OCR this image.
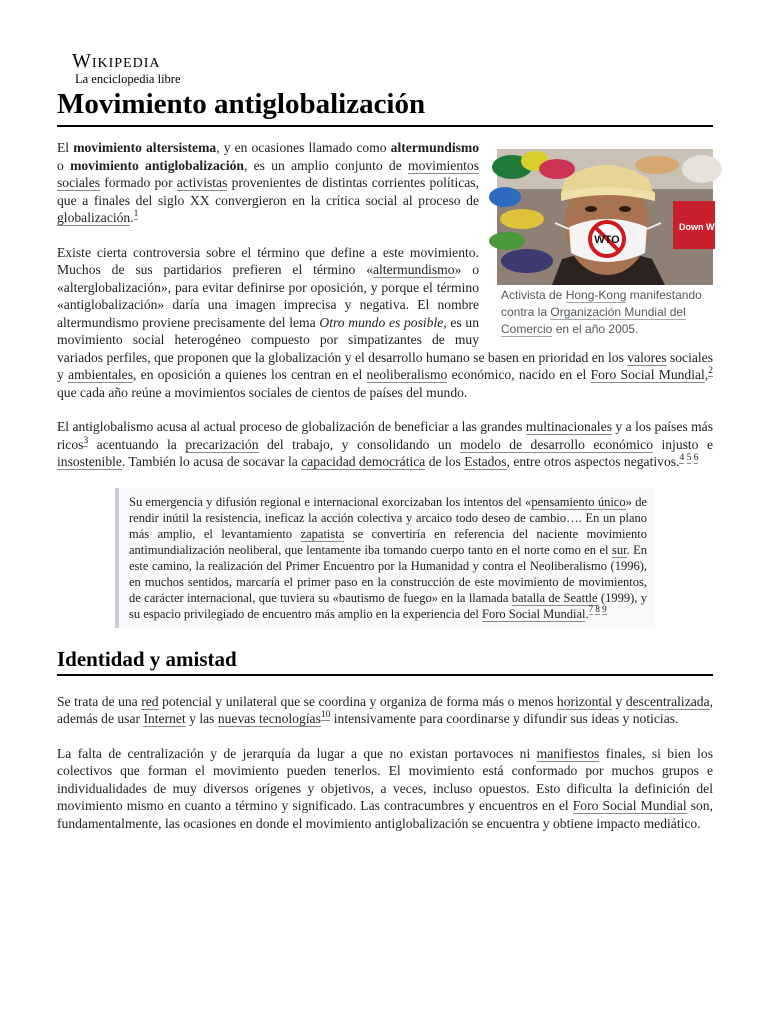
Wikipedia
La enciclopedia libre
Movimiento antiglobalización
Down WTO
WTO
Activista de Hong-Kong manifestando contra la Organización Mundial del Comercio en el año 2005.

El movimiento altersistema, y en ocasiones llamado como altermundismo o movimiento antiglobalización, es un amplio conjunto de movimientos sociales formado por activistas provenientes de distintas corrientes políticas, que a finales del siglo XX convergieron en la crítica social al proceso de globalización.$^1$

Existe cierta controversia sobre el término que define a este movimiento. Muchos de sus partidarios prefieren el término «altermundismo» o «alterglobalización», para evitar definirse por oposición, y porque el término «antiglobalización» daría una imagen imprecisa y negativa. El nombre altermundismo proviene precisamente del lema Otro mundo es posible, es un movimiento social heterogéneo compuesto por simpatizantes de muy variados perfiles, que proponen que la globalización y el desarrollo humano se basen en prioridad en los valores sociales y ambientales, en oposición a quienes los centran en el neoliberalismo económico, nacido en el Foro Social Mundial,$^2$ que cada año reúne a movimientos sociales de cientos de países del mundo.

El antiglobalismo acusa al actual proceso de globalización de beneficiar a las grandes multinacionales y a los países más ricos$^3$ acentuando la precarización del trabajo, y consolidando un modelo de desarrollo económico injusto e insostenible. También lo acusa de socavar la capacidad democrática de los Estados, entre otros aspectos negativos.$^{4 5 6}$

Su emergencia y difusión regional e internacional exorcizaban los intentos del «pensamiento único» de rendir inútil la resistencia, ineficaz la acción colectiva y arcaico todo deseo de cambio…. En un plano más amplio, el levantamiento zapatista se convertiría en referencia del naciente movimiento antimundialización neoliberal, que lentamente iba tomando cuerpo tanto en el norte como en el sur. En este camino, la realización del Primer Encuentro por la Humanidad y contra el Neoliberalismo (1996), en muchos sentidos, marcaría el primer paso en la construcción de este movimiento de movimientos, de carácter internacional, que tuviera su «bautismo de fuego» en la llamada batalla de Seattle (1999), y su espacio privilegiado de encuentro más amplio en la experiencia del Foro Social Mundial.$^{7 8 9}$
Identidad y amistad

Se trata de una red potencial y unilateral que se coordina y organiza de forma más o menos horizontal y descentralizada, además de usar Internet y las nuevas tecnologías$^{10}$ intensivamente para coordinarse y difundir sus ideas y noticias.

La falta de centralización y de jerarquía da lugar a que no existan portavoces ni manifiestos finales, si bien los colectivos que forman el movimiento pueden tenerlos. El movimiento está conformado por muchos grupos e individualidades de muy diversos orígenes y objetivos, a veces, incluso opuestos. Esto dificulta la definición del movimiento mismo en cuanto a término y significado. Las contracumbres y encuentros en el Foro Social Mundial son, fundamentalmente, las ocasiones en donde el movimiento antiglobalización se encuentra y obtiene impacto mediático.
